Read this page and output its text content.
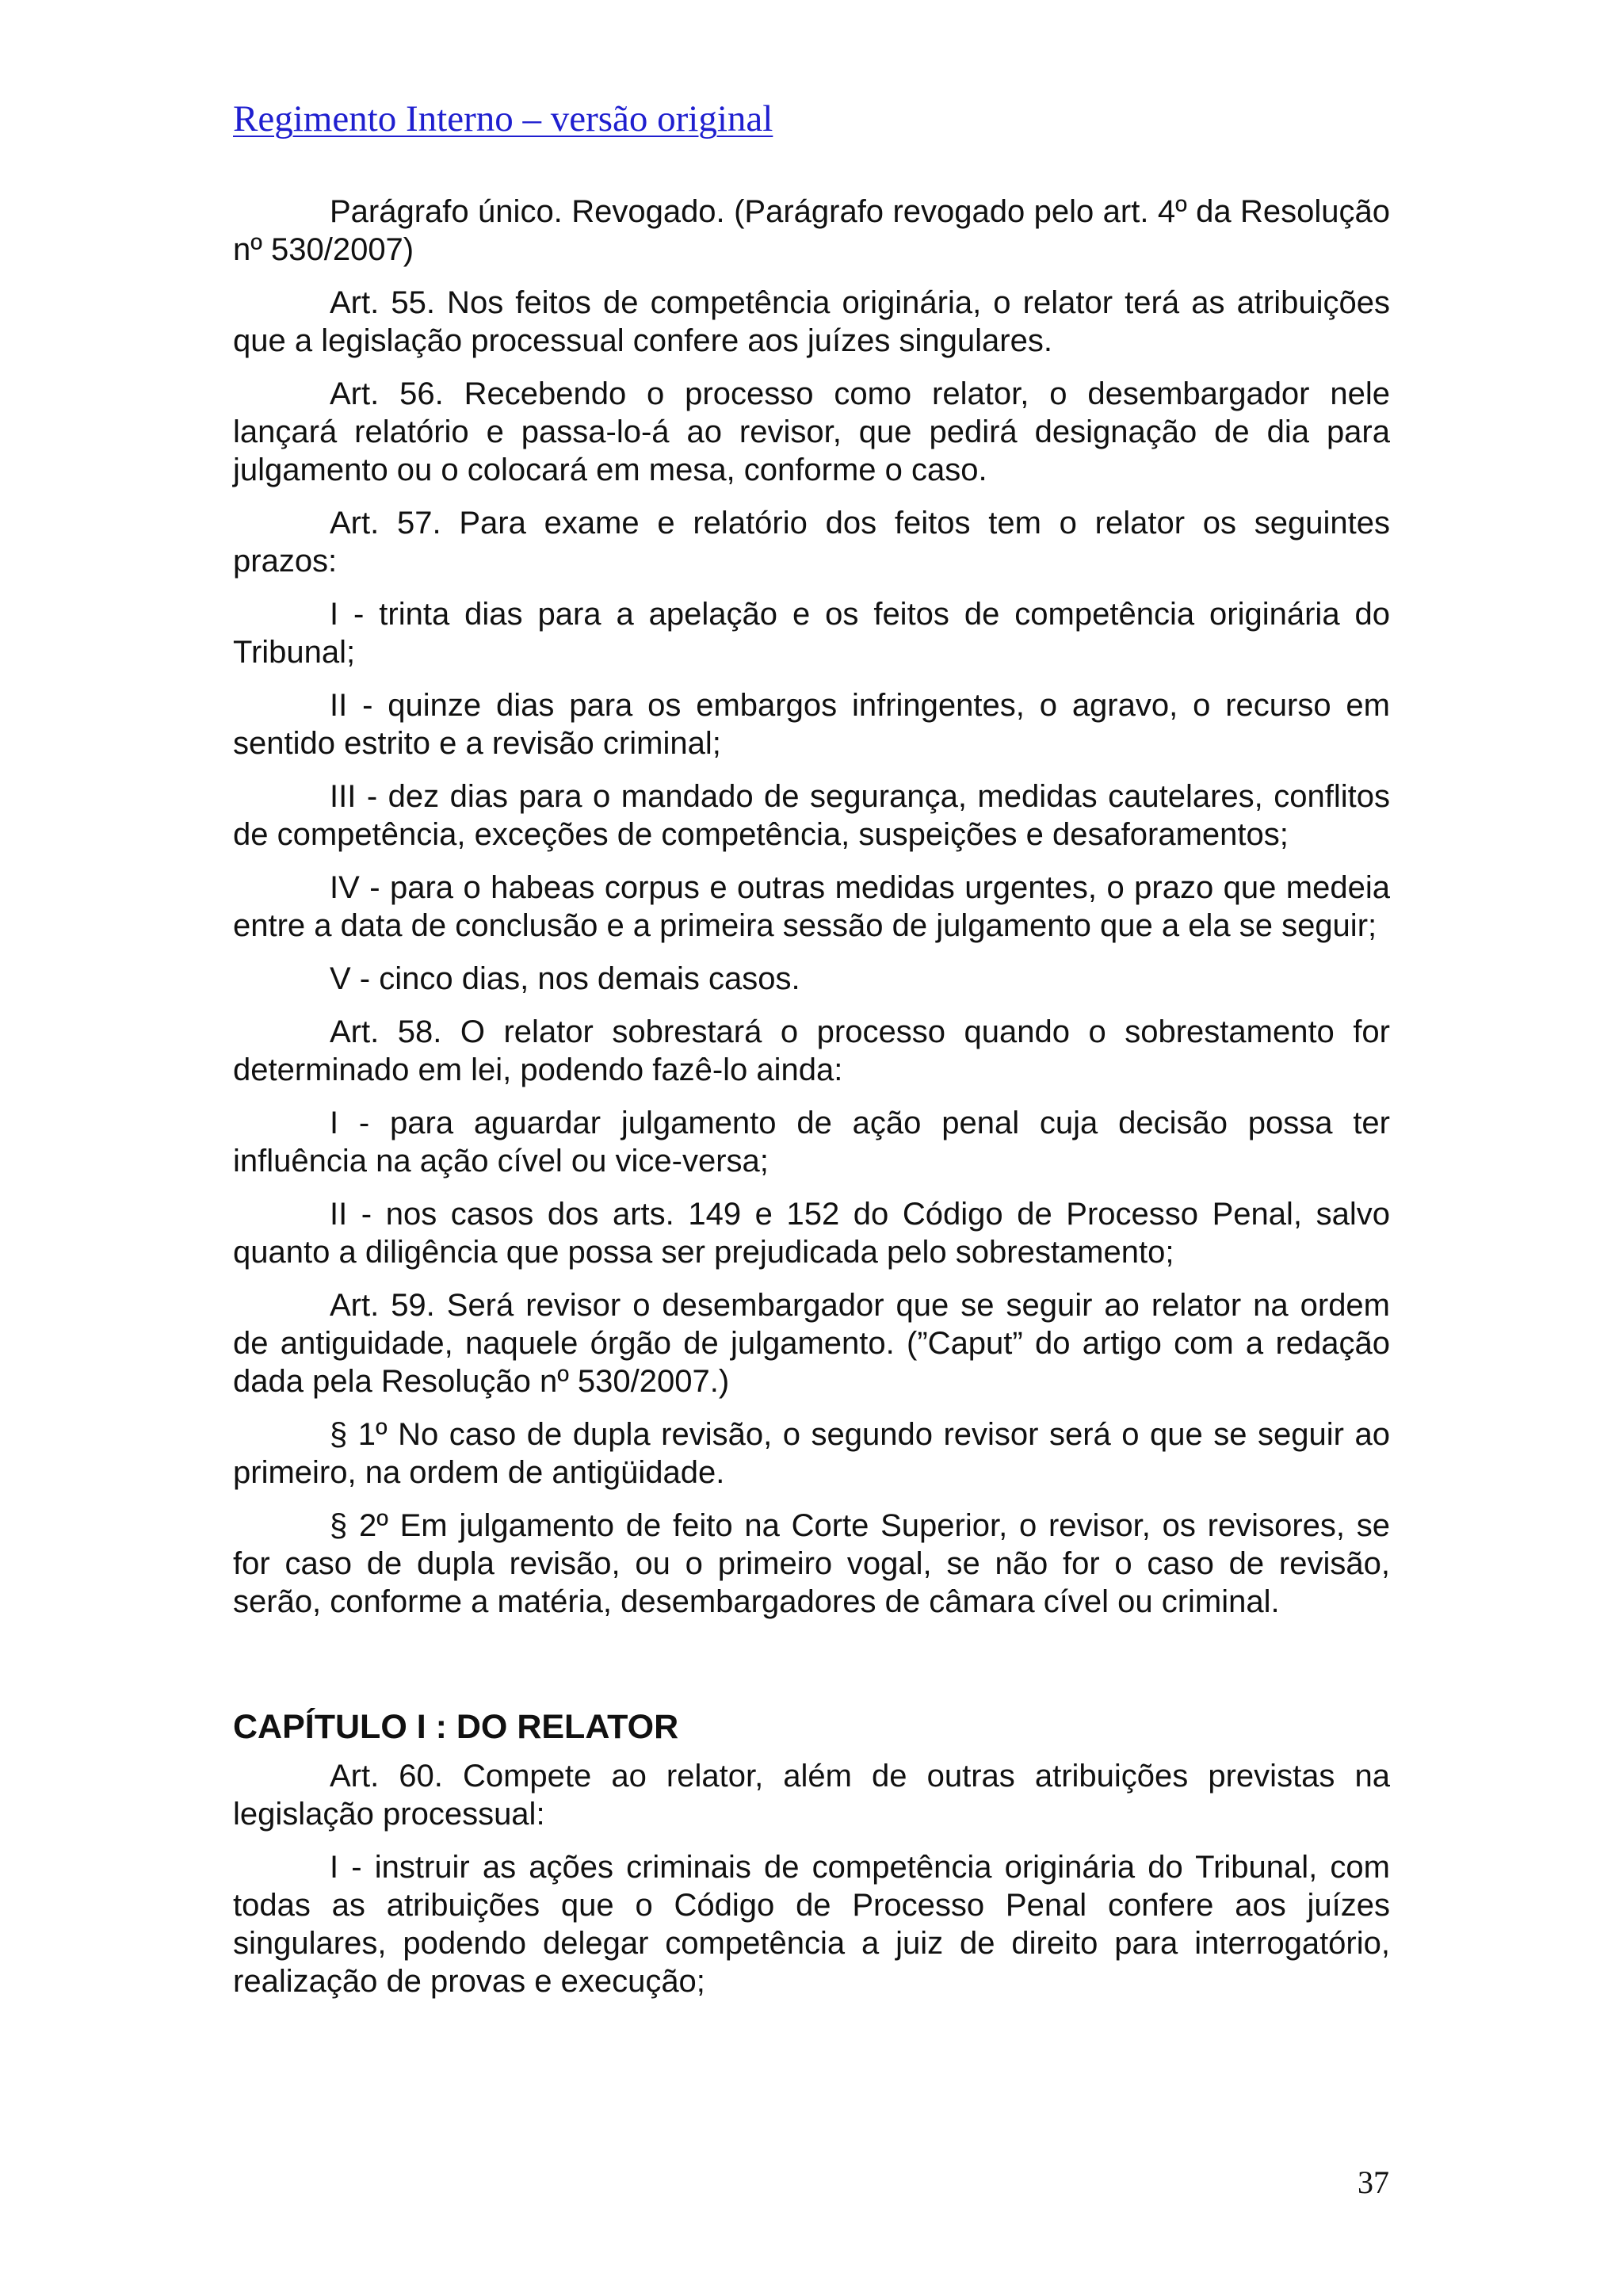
Regimento Interno – versão original

Parágrafo único. Revogado. (Parágrafo revogado pelo art. 4º da Resolução nº 530/2007)

Art. 55. Nos feitos de competência originária, o relator terá as atribuições que a legislação processual confere aos juízes singulares.

Art. 56. Recebendo o processo como relator, o desembargador nele lançará relatório e passa-lo-á ao revisor, que pedirá designação de dia para julgamento ou o colocará em mesa, conforme o caso.

Art. 57. Para exame e relatório dos feitos tem o relator os seguintes prazos:

I - trinta dias para a apelação e os feitos de competência originária do Tribunal;

II - quinze dias para os embargos infringentes, o agravo, o recurso em sentido estrito e a revisão criminal;

III - dez dias para o mandado de segurança, medidas cautelares, conflitos de competência, exceções de competência, suspeições e desaforamentos;

IV - para o habeas corpus e outras medidas urgentes, o prazo que medeia entre a data de conclusão e a primeira sessão de julgamento que a ela se seguir;

V - cinco dias, nos demais casos.

Art. 58. O relator sobrestará o processo quando o sobrestamento for determinado em lei, podendo fazê-lo ainda:

I - para aguardar julgamento de ação penal cuja decisão possa ter influência na ação cível ou vice-versa;

II - nos casos dos arts. 149 e 152 do Código de Processo Penal, salvo quanto a diligência que possa ser prejudicada pelo sobrestamento;

Art. 59. Será revisor o desembargador que se seguir ao relator na ordem de antiguidade, naquele órgão de julgamento. (”Caput” do artigo com a redação dada pela Resolução nº 530/2007.)

§ 1º No caso de dupla revisão, o segundo revisor será o que se seguir ao primeiro, na ordem de antigüidade.

§ 2º Em julgamento de feito na Corte Superior, o revisor, os revisores, se for caso de dupla revisão, ou o primeiro vogal, se não for o caso de revisão, serão, conforme a matéria, desembargadores de câmara cível ou criminal.

CAPÍTULO I : DO RELATOR

Art. 60. Compete ao relator, além de outras atribuições previstas na legislação processual:

I - instruir as ações criminais de competência originária do Tribunal, com todas as atribuições que o Código de Processo Penal confere aos juízes singulares, podendo delegar competência a juiz de direito para interrogatório, realização de provas e execução;

37
